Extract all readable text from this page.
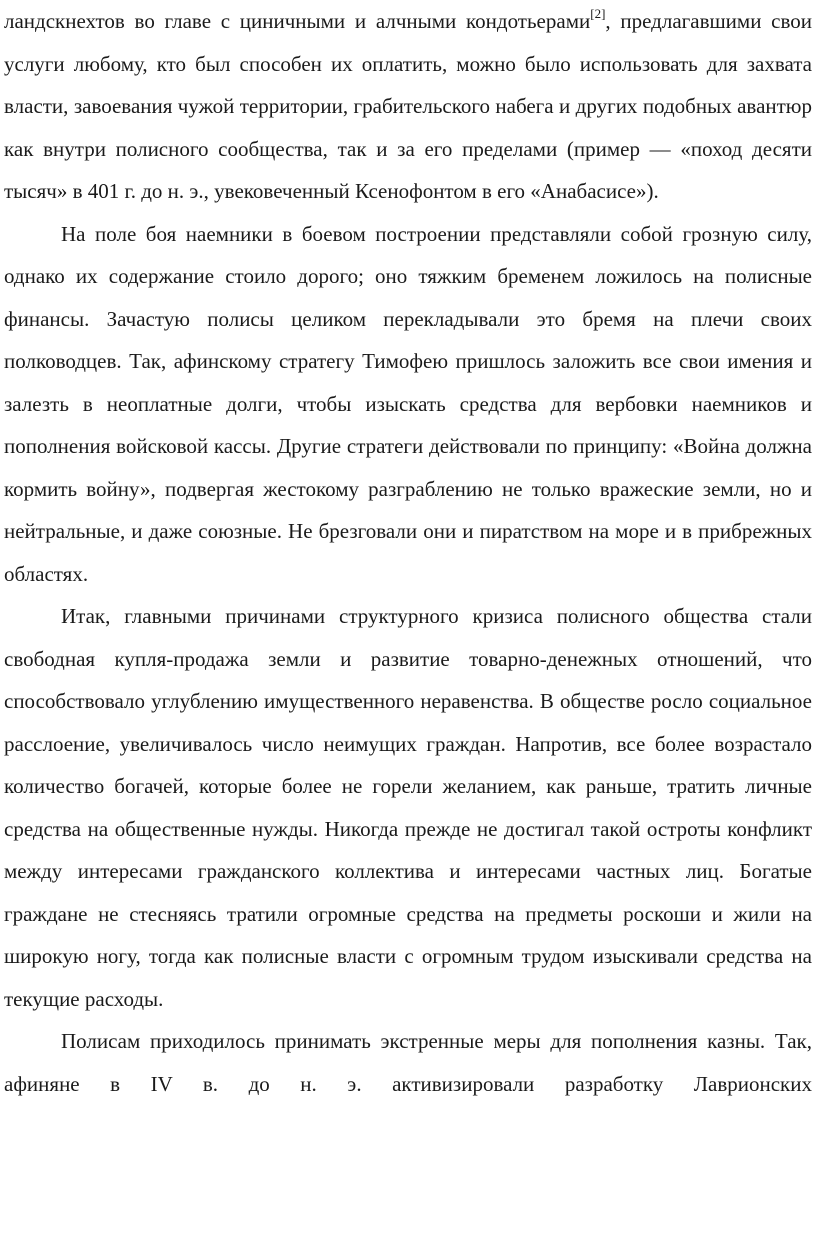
ландскнехтов во главе с циничными и алчными кондотьерами[2], предлагавшими свои услуги любому, кто был способен их оплатить, можно было использовать для захвата власти, завоевания чужой территории, грабительского набега и других подобных авантюр как внутри полисного сообщества, так и за его пределами (пример — «поход десяти тысяч» в 401 г. до н. э., увековеченный Ксенофонтом в его «Анабасисе»).

На поле боя наемники в боевом построении представляли собой грозную силу, однако их содержание стоило дорого; оно тяжким бременем ложилось на полисные финансы. Зачастую полисы целиком перекладывали это бремя на плечи своих полководцев. Так, афинскому стратегу Тимофею пришлось заложить все свои имения и залезть в неоплатные долги, чтобы изыскать средства для вербовки наемников и пополнения войсковой кассы. Другие стратеги действовали по принципу: «Война должна кормить войну», подвергая жестокому разграблению не только вражеские земли, но и нейтральные, и даже союзные. Не брезговали они и пиратством на море и в прибрежных областях.

Итак, главными причинами структурного кризиса полисного общества стали свободная купля-продажа земли и развитие товарно-денежных отношений, что способствовало углублению имущественного неравенства. В обществе росло социальное расслоение, увеличивалось число неимущих граждан. Напротив, все более возрастало количество богачей, которые более не горели желанием, как раньше, тратить личные средства на общественные нужды. Никогда прежде не достигал такой остроты конфликт между интересами гражданского коллектива и интересами частных лиц. Богатые граждане не стесняясь тратили огромные средства на предметы роскоши и жили на широкую ногу, тогда как полисные власти с огромным трудом изыскивали средства на текущие расходы.

Полисам приходилось принимать экстренные меры для пополнения казны. Так, афиняне в IV в. до н. э. активизировали разработку Лаврионских
